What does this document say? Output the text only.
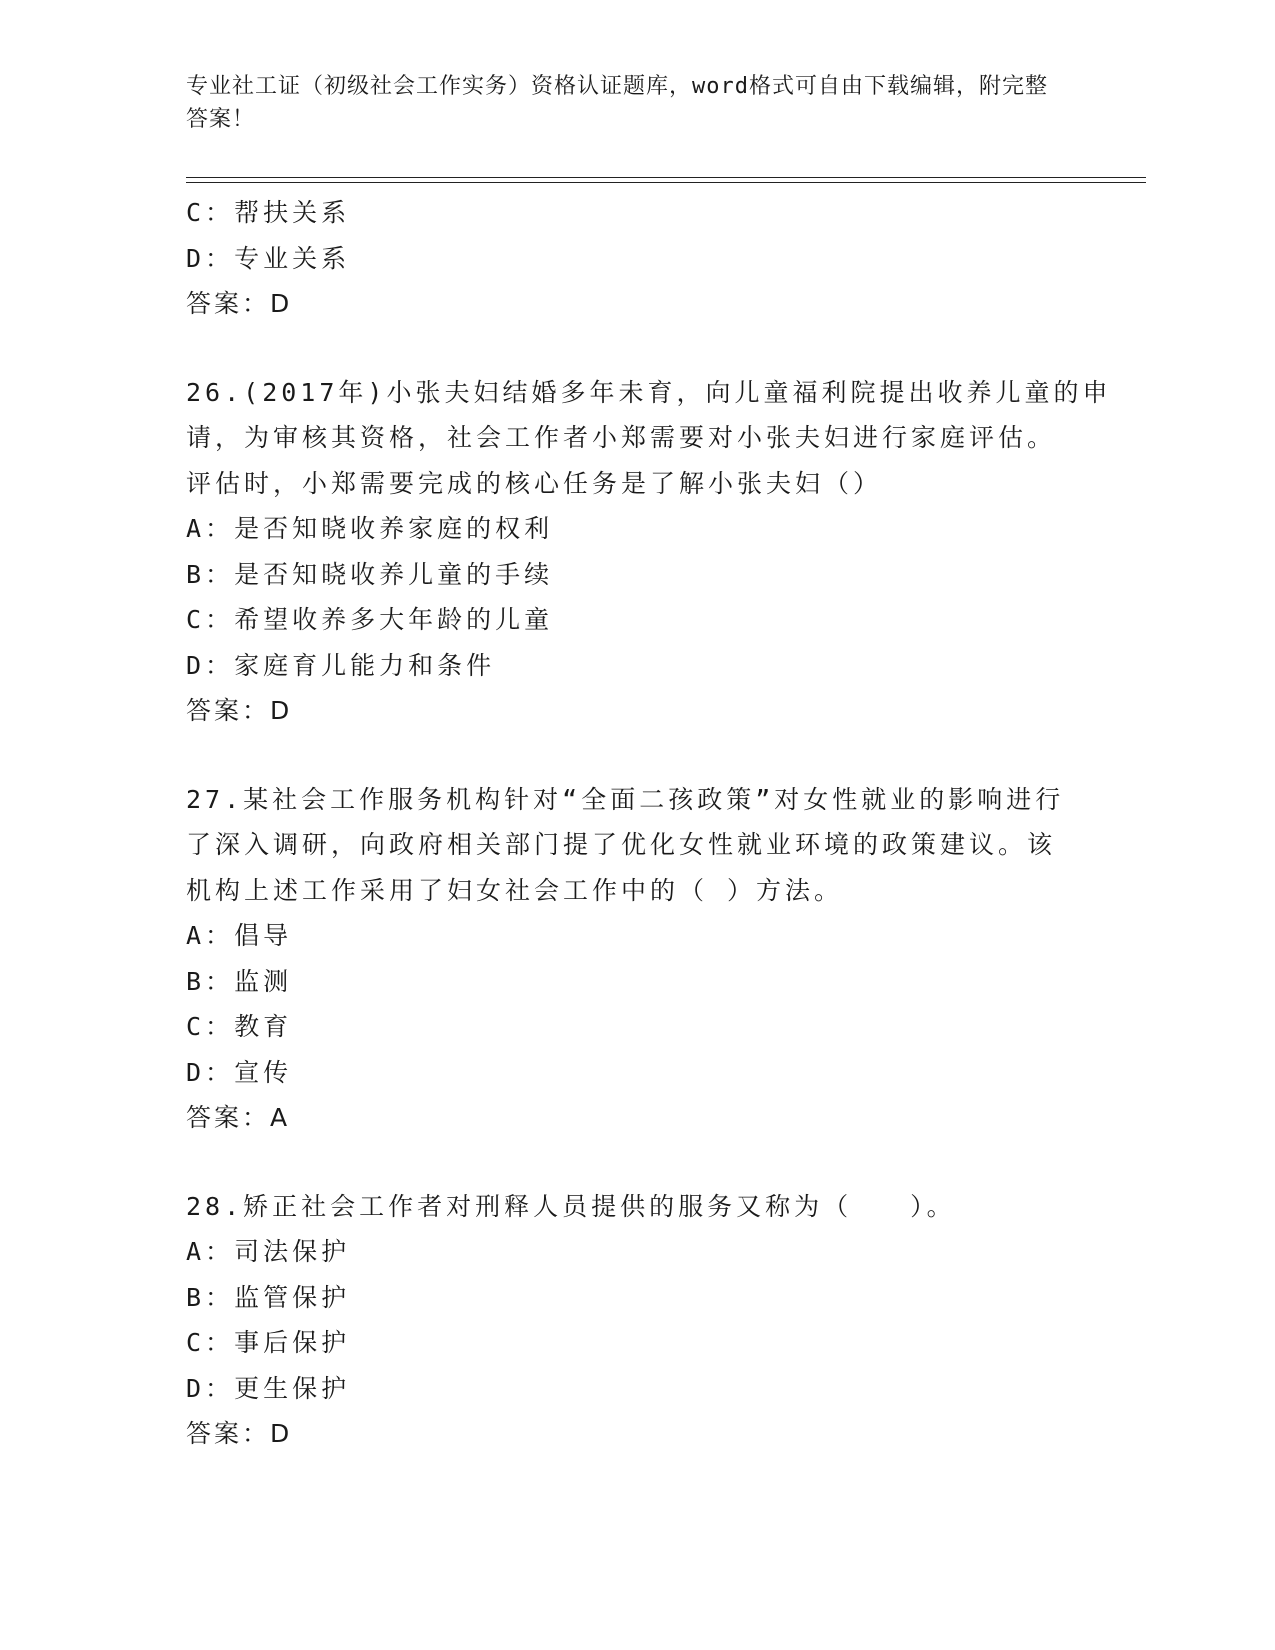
专业社工证（初级社会工作实务）资格认证题库，word格式可自由下载编辑，附完整答案！

C：帮扶关系

D：专业关系

答案：D

26.(2017年)小张夫妇结婚多年未育，向儿童福利院提出收养儿童的申

请，为审核其资格，社会工作者小郑需要对小张夫妇进行家庭评估。

评估时，小郑需要完成的核心任务是了解小张夫妇（）

A：是否知晓收养家庭的权利

B：是否知晓收养儿童的手续

C：希望收养多大年龄的儿童

D：家庭育儿能力和条件

答案：D

27.某社会工作服务机构针对“全面二孩政策”对女性就业的影响进行

了深入调研，向政府相关部门提了优化女性就业环境的政策建议。该

机构上述工作采用了妇女社会工作中的（ ）方法。

A：倡导

B：监测

C：教育

D：宣传

答案：A

28.矫正社会工作者对刑释人员提供的服务又称为（　　）。

A：司法保护

B：监管保护

C：事后保护

D：更生保护

答案：D
